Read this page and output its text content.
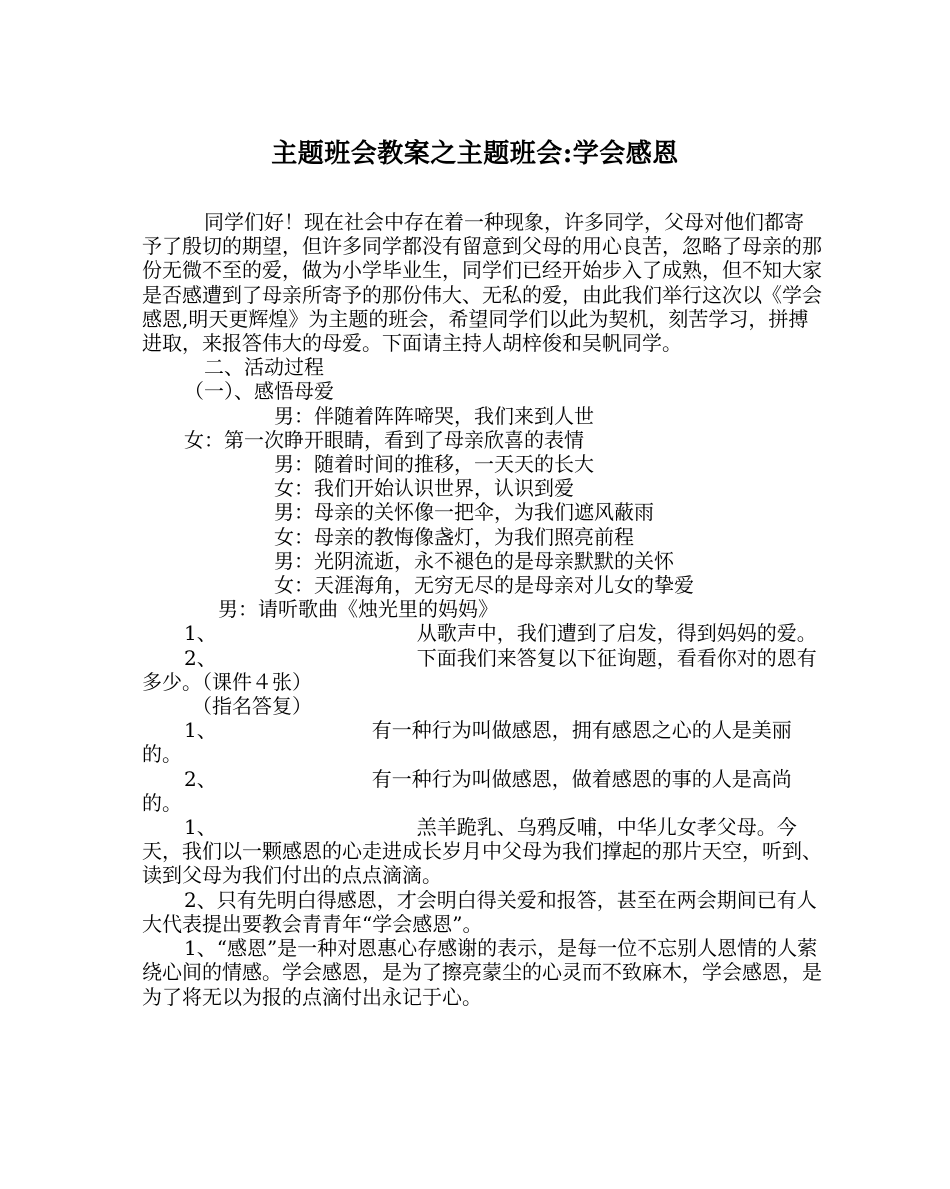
主题班会教案之主题班会:学会感恩

同学们好！现在社会中存在着一种现象，许多同学，父母对他们都寄予了殷切的期望，但许多同学都没有留意到父母的用心良苦，忽略了母亲的那份无微不至的爱，做为小学毕业生，同学们已经开始步入了成熟，但不知大家是否感遭到了母亲所寄予的那份伟大、无私的爱，由此我们举行这次以《学会感恩,明天更辉煌》为主题的班会，希望同学们以此为契机，刻苦学习，拼搏进取，来报答伟大的母爱。下面请主持人胡梓俊和吴帆同学。

二、活动过程

（一）、感悟母爱

男：伴随着阵阵啼哭，我们来到人世

女：第一次睁开眼睛，看到了母亲欣喜的表情

男：随着时间的推移，一天天的长大

女：我们开始认识世界，认识到爱

男：母亲的关怀像一把伞，为我们遮风蔽雨

女：母亲的教悔像盏灯，为我们照亮前程

男：光阴流逝，永不褪色的是母亲默默的关怀

女：天涯海角，无穷无尽的是母亲对儿女的挚爱

男：请听歌曲《烛光里的妈妈》

1、	从歌声中，我们遭到了启发，得到妈妈的爱。

2、	下面我们来答复以下征询题，看看你对的恩有多少。（课件４张）

（指名答复）

1、	有一种行为叫做感恩，拥有感恩之心的人是美丽的。

2、	有一种行为叫做感恩，做着感恩的事的人是高尚的。

1、	羔羊跪乳、乌鸦反哺，中华儿女孝父母。今天，我们以一颗感恩的心走进成长岁月中父母为我们撑起的那片天空，听到、读到父母为我们付出的点点滴滴。

2、只有先明白得感恩，才会明白得关爱和报答，甚至在两会期间已有人大代表提出要教会青青年“学会感恩”。

1、“感恩”是一种对恩惠心存感谢的表示，是每一位不忘别人恩情的人萦绕心间的情感。学会感恩，是为了擦亮蒙尘的心灵而不致麻木，学会感恩，是为了将无以为报的点滴付出永记于心。
